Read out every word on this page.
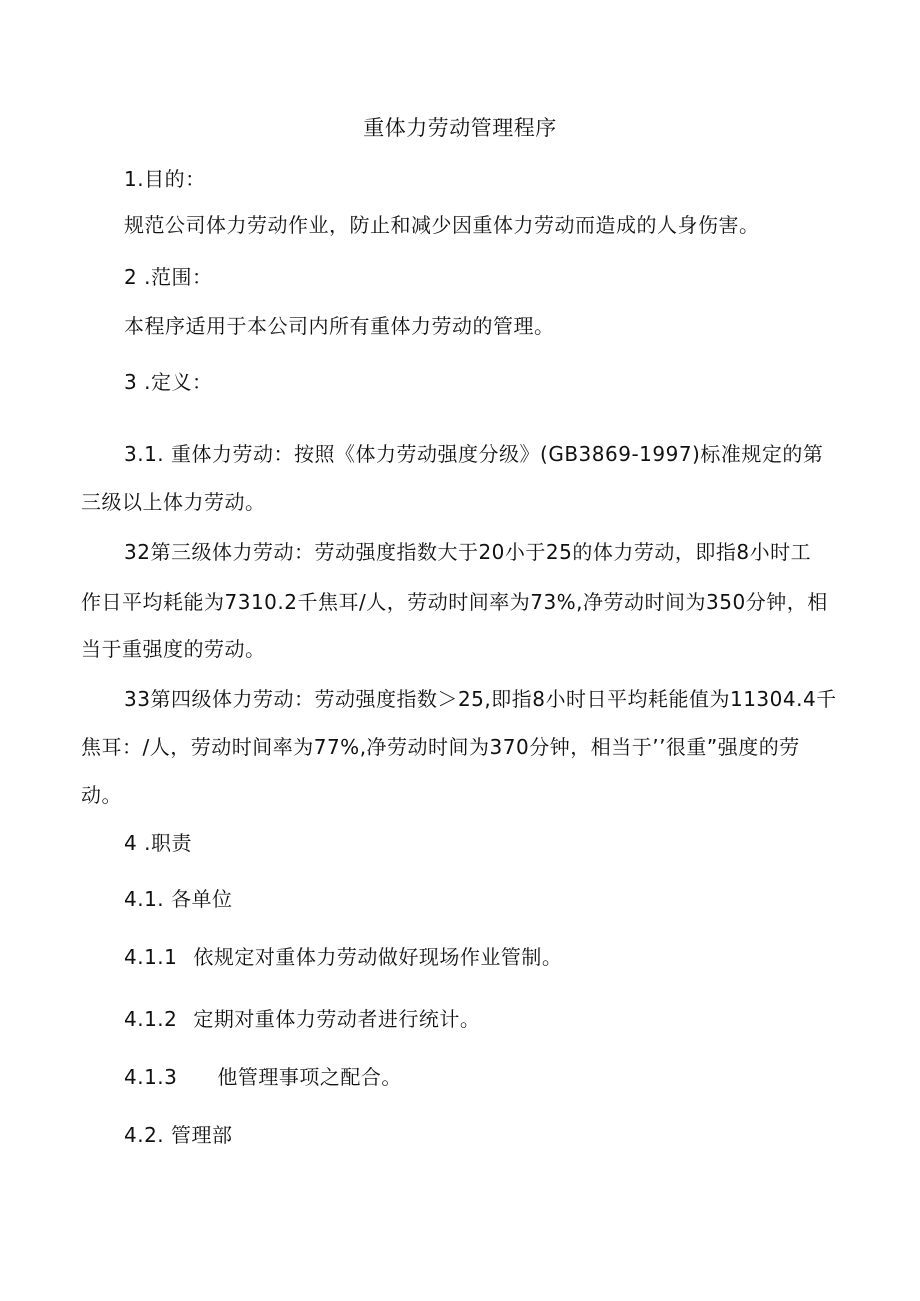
重体力劳动管理程序
1.目的：
规范公司体力劳动作业，防止和减少因重体力劳动而造成的人身伤害。
2 .范围：
本程序适用于本公司内所有重体力劳动的管理。
3 .定义：
3.1. 重体力劳动：按照《体力劳动强度分级》(GB3869-1997)标准规定的第
三级以上体力劳动。
32第三级体力劳动：劳动强度指数大于20小于25的体力劳动，即指8小时工
作日平均耗能为7310.2千焦耳/人，劳动时间率为73%,净劳动时间为350分钟，相
当于重强度的劳动。
33第四级体力劳动：劳动强度指数＞25,即指8小时日平均耗能值为11304.4千
焦耳：/人，劳动时间率为77%,净劳动时间为370分钟，相当于’’很重”强度的劳
动。
4 .职责
4.1. 各单位
4.1.1 依规定对重体力劳动做好现场作业管制。
4.1.2 定期对重体力劳动者进行统计。
4.1.3 他管理事项之配合。
4.2. 管理部
